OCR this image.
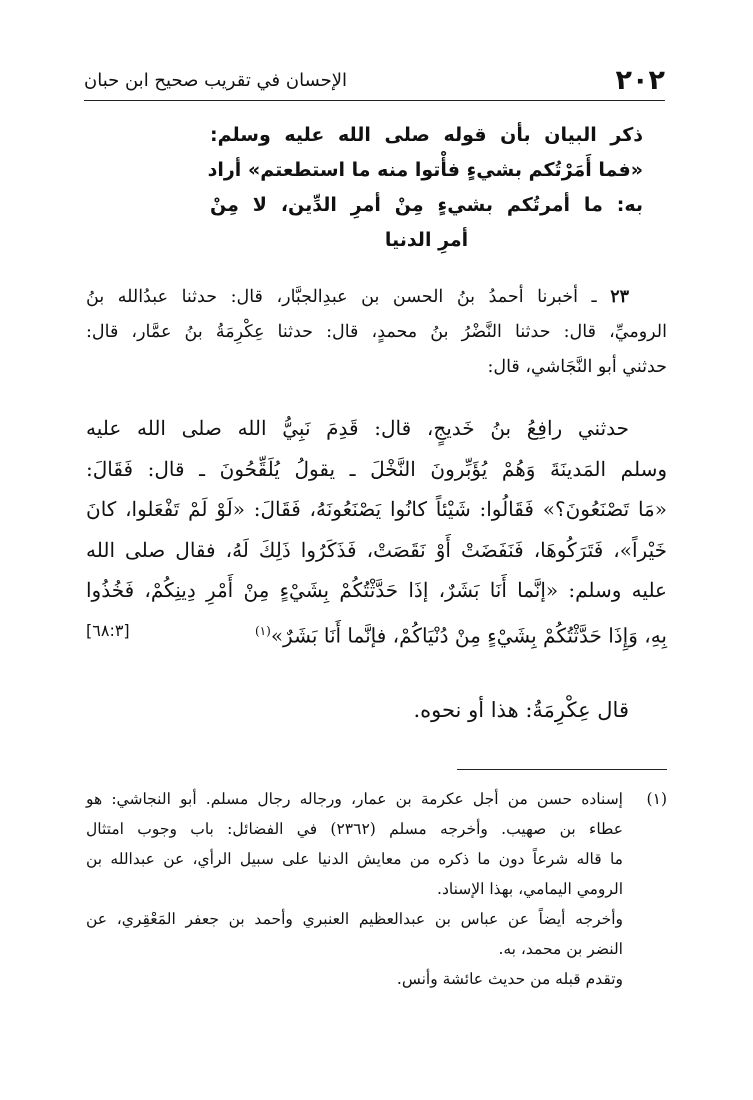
٢٠٢
الإحسان في تقريب صحيح ابن حبان
ذكر البيان بأن قوله صلى الله عليه وسلم:
«فما أَمَرْتُكم بشيءٍ فأْتوا منه ما استطعتم» أراد
به: ما أمرتُكم بشيءٍ مِنْ أمرِ الدِّين، لا مِنْ
أمرِ الدنيا
٢٣ ـ أخبرنا أحمدُ بنُ الحسن بن عبدِالجبَّار، قال: حدثنا عبدُالله بنُ
الروميِّ، قال: حدثنا النَّضْرُ بنُ محمدٍ، قال: حدثنا عِكْرِمَةُ بنُ عمَّار، قال:
حدثني أبو النَّجَاشي، قال:
حدثني رافِعُ بنُ خَديجٍ، قال: قَدِمَ نَبِيُّ الله صلى الله عليه
وسلم المَدينَةَ وَهُمْ يُؤَبِّرونَ النَّخْلَ ـ يقولُ يُلَقِّحُونَ ـ قال: فَقَالَ:
«مَا تَصْنَعُونَ؟» فَقَالُوا: شَيْئاً كانُوا يَصْنَعُونَهُ، فَقَالَ: «لَوْ لَمْ تَفْعَلوا، كانَ
خَيْراً»، فَتَرَكُوهَا، فَنَفَضَتْ أَوْ نَقَصَتْ، فَذَكَرُوا ذَلِكَ لَهُ، فقال صلى الله
عليه وسلم: «إنَّما أَنَا بَشَرٌ، إذَا حَدَّثْتُكُمْ بِشَيْءٍ مِنْ أَمْرِ دِينِكُمْ، فَخُذُوا
بِهِ، وَإِذَا حَدَّثْتُكُمْ بِشَيْءٍ مِنْ دُنْيَاكُمْ، فإنَّما أَنَا بَشَرٌ»$^{(١)}$
[٦٨:٣]
قال عِكْرِمَةُ: هذا أو نحوه.
(١)
إسناده حسن من أجل عكرمة بن عمار، ورجاله رجال مسلم. أبو النجاشي: هو
عطاء بن صهيب. وأخرجه مسلم (٢٣٦٢) في الفضائل: باب وجوب امتثال
ما قاله شرعاً دون ما ذكره من معايش الدنيا على سبيل الرأي، عن عبدالله بن
الرومي اليمامي، بهذا الإسناد.
وأخرجه أيضاً عن عباس بن عبدالعظيم العنبري وأحمد بن جعفر المَعْقِري، عن
النضر بن محمد، به.
وتقدم قبله من حديث عائشة وأنس.
